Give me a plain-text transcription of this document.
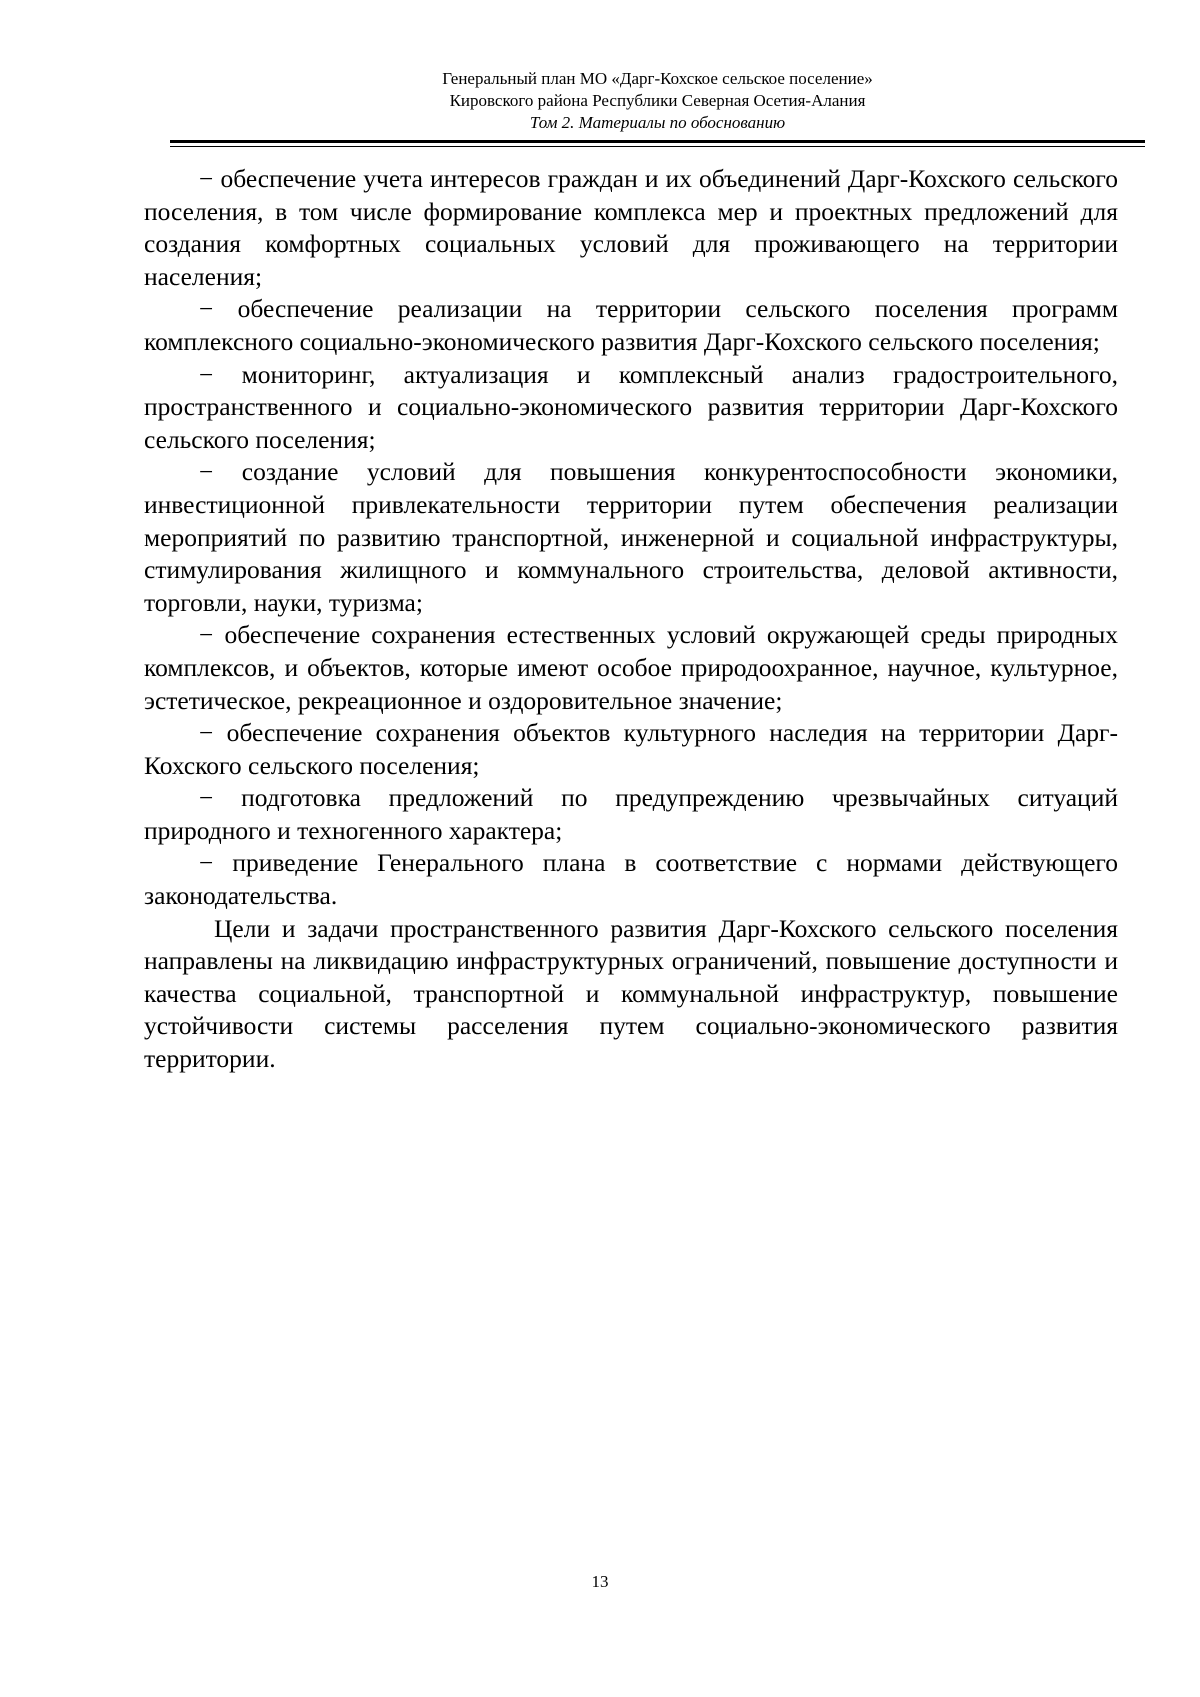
Генеральный план МО «Дарг-Кохское сельское поселение»
Кировского района Республики Северная Осетия-Алания
Том 2. Материалы по обоснованию

− обеспечение учета интересов граждан и их объединений Дарг-Кохского сельского поселения, в том числе формирование комплекса мер и проектных предложений для создания комфортных социальных условий для проживающего на территории населения;

− обеспечение реализации на территории сельского поселения программ комплексного социально-экономического развития Дарг-Кохского сельского поселения;

− мониторинг, актуализация и комплексный анализ градостроительного, пространственного и социально-экономического развития территории Дарг-Кохского сельского поселения;

− создание условий для повышения конкурентоспособности экономики, инвестиционной привлекательности территории путем обеспечения реализации мероприятий по развитию транспортной, инженерной и социальной инфраструктуры, стимулирования жилищного и коммунального строительства, деловой активности, торговли, науки, туризма;

− обеспечение сохранения естественных условий окружающей среды природных комплексов, и объектов, которые имеют особое природоохранное, научное, культурное, эстетическое, рекреационное и оздоровительное значение;

− обеспечение сохранения объектов культурного наследия на территории Дарг-Кохского сельского поселения;

− подготовка предложений по предупреждению чрезвычайных ситуаций природного и техногенного характера;

− приведение Генерального плана в соответствие с нормами действующего законодательства.

Цели и задачи пространственного развития Дарг-Кохского сельского поселения направлены на ликвидацию инфраструктурных ограничений, повышение доступности и качества социальной, транспортной и коммунальной инфраструктур, повышение устойчивости системы расселения путем социально-экономического развития территории.

13
